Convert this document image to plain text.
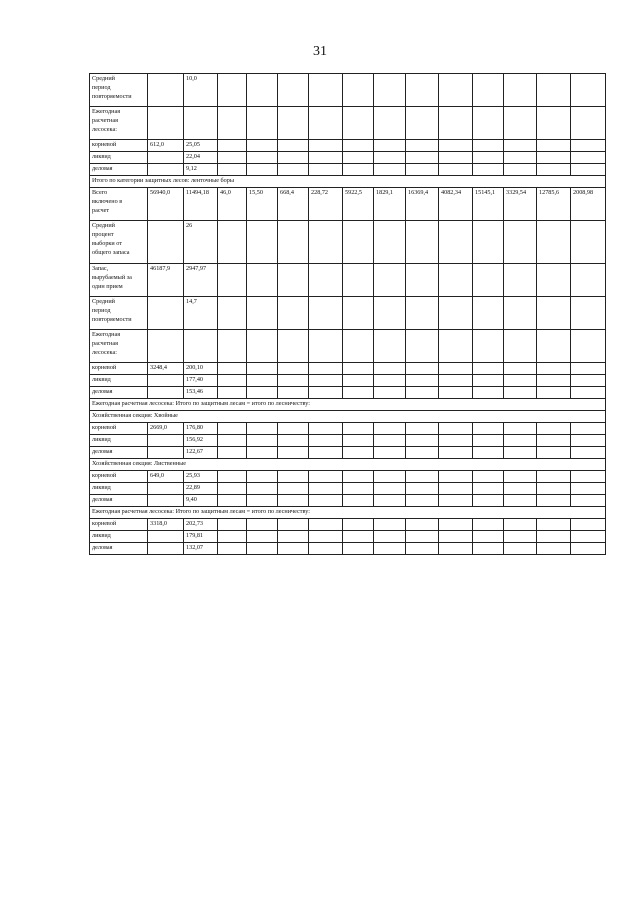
31
Средний
период
повторяемости		10,0												

Ежегодная
расчетная
лесосека:														

корневой	612,0	25,05												

ликвид		22,04												

деловая		9,12												
Итого по категории защитных лесов: ленточные боры														

Всего
включено в
расчет	56940,0	11494,18	46,0	15,50	668,4	228,72	5922,5	1829,1	16369,4	4082,34	15145,1	3329,54	12785,6	2008,98

Средний
процент
выборки от
общего запаса		26												

Запас,
вырубаемый за
один прием	46187,9	2947,97												

Средний
период
повторяемости		14,7												

Ежегодная
расчетная
лесосека:														

корневой	3248,4	200,10												

ликвид		177,40												

деловая		153,46												
Ежегодная расчетная лесосека: Итого по защитным лесам = итого по лесничеству:														
Хозяйственная секция: Хвойные														

корневой	2669,0	176,80												

ликвид		156,92												

деловая		122,67												
Хозяйственная секция: Лиственные														

корневой	649,0	25,93												

ликвид		22,89												

деловая		9,40												
Ежегодная расчетная лесосека: Итого по защитным лесам = итого по лесничеству:														

корневой	3318,0	202,73												

ликвид		179,81												

деловая		132,07												
